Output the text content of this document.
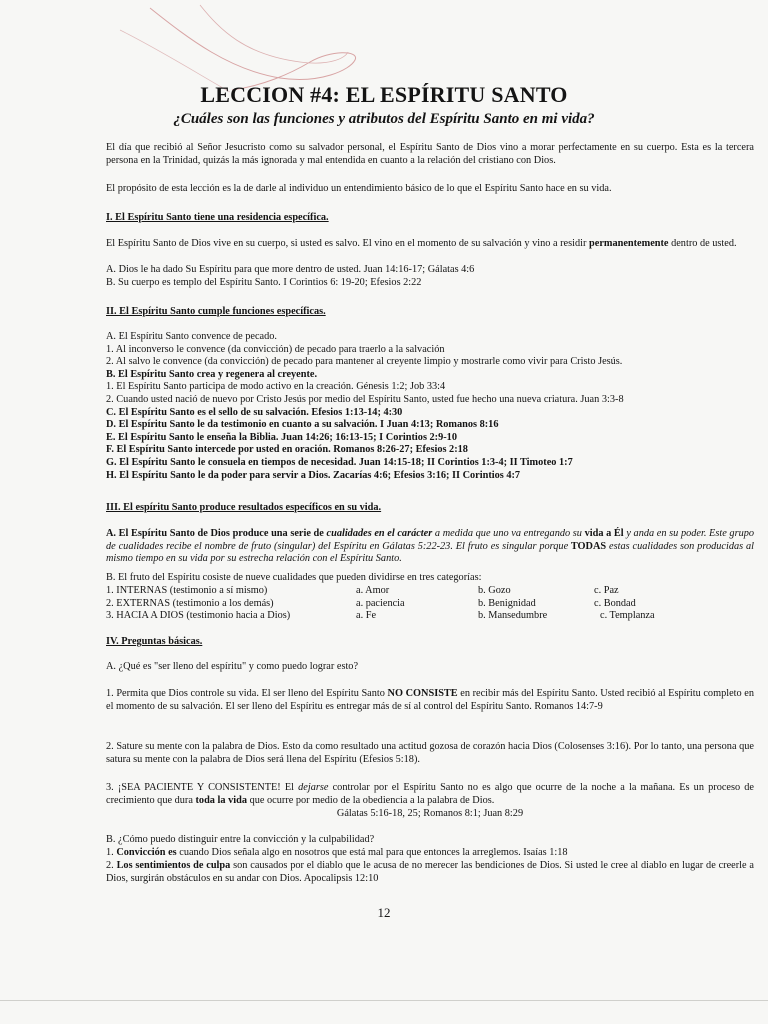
LECCION #4: EL ESPÍRITU SANTO
¿Cuáles son las funciones y atributos del Espíritu Santo en mi vida?
El día que recibió al Señor Jesucristo como su salvador personal, el Espíritu Santo de Dios vino a morar perfectamente en su cuerpo. Esta es la tercera persona en la Trinidad, quizás la más ignorada y mal entendida en cuanto a la relación del cristiano con Dios.
El propósito de esta lección es la de darle al individuo un entendimiento básico de lo que el Espíritu Santo hace en su vida.
I. El Espíritu Santo tiene una residencia específica.
El Espíritu Santo de Dios vive en su cuerpo, si usted es salvo. El vino en el momento de su salvación y vino a residir permanentemente dentro de usted.
A. Dios le ha dado Su Espíritu para que more dentro de usted. Juan 14:16-17; Gálatas 4:6
B. Su cuerpo es templo del Espíritu Santo. I Corintios 6: 19-20; Efesios 2:22
II. El Espíritu Santo cumple funciones específicas.
A. El Espíritu Santo convence de pecado.
1. Al inconverso le convence (da convicción) de pecado para traerlo a la salvación
2. Al salvo le convence (da convicción) de pecado para mantener al creyente limpio y mostrarle como vivir para Cristo Jesús.
B. El Espíritu Santo crea y regenera al creyente.
1. El Espíritu Santo participa de modo activo en la creación. Génesis 1:2; Job 33:4
2. Cuando usted nació de nuevo por Cristo Jesús por medio del Espíritu Santo, usted fue hecho una nueva criatura. Juan 3:3-8
C. El Espíritu Santo es el sello de su salvación. Efesios 1:13-14; 4:30
D. El Espíritu Santo le da testimonio en cuanto a su salvación. I Juan 4:13; Romanos 8:16
E. El Espíritu Santo le enseña la Biblia. Juan 14:26; 16:13-15; I Corintios 2:9-10
F. El Espíritu Santo intercede por usted en oración. Romanos 8:26-27; Efesios 2:18
G. El Espíritu Santo le consuela en tiempos de necesidad. Juan 14:15-18; II Corintios 1:3-4; II Timoteo 1:7
H. El Espíritu Santo le da poder para servir a Dios. Zacarías 4:6; Efesios 3:16; II Corintios 4:7
III. El espíritu Santo produce resultados específicos en su vida.
A. El Espíritu Santo de Dios produce una serie de cualidades en el carácter a medida que uno va entregando su vida a Él y anda en su poder. Este grupo de cualidades recibe el nombre de fruto (singular) del Espíritu en Gálatas 5:22-23. El fruto es singular porque TODAS estas cualidades son producidas al mismo tiempo en su vida por su estrecha relación con el Espíritu Santo.
B. El fruto del Espíritu cosiste de nueve cualidades que pueden dividirse en tres categorías:
1. INTERNAS (testimonio a sí mismo)	a. Amor	b. Gozo	c. Paz
2. EXTERNAS (testimonio a los demás)	a. paciencia	b. Benignidad	c. Bondad
3. HACIA A DIOS (testimonio hacia a Dios)	a. Fe	b. Mansedumbre	c. Templanza
IV. Preguntas básicas.
A. ¿Qué es "ser lleno del espíritu" y como puedo lograr esto?
1. Permita que Dios controle su vida. El ser lleno del Espíritu Santo NO CONSISTE en recibir más del Espíritu Santo. Usted recibió al Espíritu completo en el momento de su salvación. El ser lleno del Espíritu es entregar más de sí al control del Espíritu Santo. Romanos 14:7-9
2. Sature su mente con la palabra de Dios. Esto da como resultado una actitud gozosa de corazón hacia Dios (Colosenses 3:16). Por lo tanto, una persona que satura su mente con la palabra de Dios será llena del Espíritu (Efesios 5:18).
3. ¡SEA PACIENTE Y CONSISTENTE! El dejarse controlar por el Espíritu Santo no es algo que ocurre de la noche a la mañana. Es un proceso de crecimiento que dura toda la vida que ocurre por medio de la obediencia a la palabra de Dios.
Gálatas 5:16-18, 25; Romanos 8:1; Juan 8:29
B. ¿Cómo puedo distinguir entre la convicción y la culpabilidad?
1. Convicción es cuando Dios señala algo en nosotros que está mal para que entonces la arreglemos. Isaías 1:18
2. Los sentimientos de culpa son causados por el diablo que le acusa de no merecer las bendiciones de Dios. Si usted le cree al diablo en lugar de creerle a Dios, surgirán obstáculos en su andar con Dios. Apocalipsis 12:10
12
